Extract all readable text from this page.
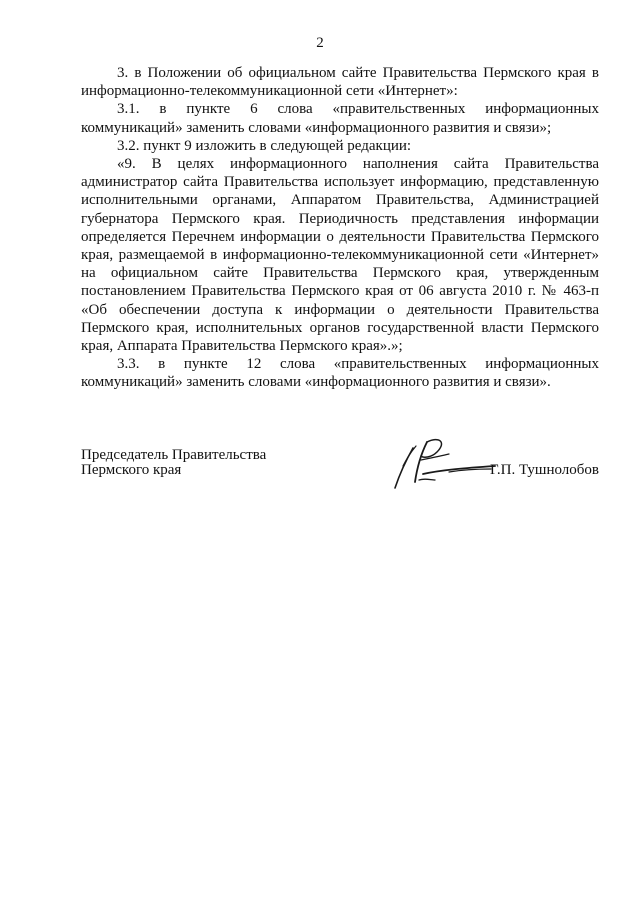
2

3. в Положении об официальном сайте Правительства Пермского края в информационно-телекоммуникационной сети «Интернет»:

3.1. в пункте 6 слова «правительственных информационных коммуникаций» заменить словами «информационного развития и связи»;

3.2. пункт 9 изложить в следующей редакции:

«9. В целях информационного наполнения сайта Правительства администратор сайта Правительства использует информацию, представленную исполнительными органами, Аппаратом Правительства, Администрацией губернатора Пермского края. Периодичность представления информации определяется Перечнем информации о деятельности Правительства Пермского края, размещаемой в информационно-телекоммуникационной сети «Интернет» на официальном сайте Правительства Пермского края, утвержденным постановлением Правительства Пермского края от 06 августа 2010 г. № 463-п «Об обеспечении доступа к информации о деятельности Правительства Пермского края, исполнительных органов государственной власти Пермского края, Аппарата Правительства Пермского края».»;

3.3. в пункте 12 слова «правительственных информационных коммуникаций» заменить словами «информационного развития и связи».

Председатель Правительства
Пермского края	Г.П. Тушнолобов
